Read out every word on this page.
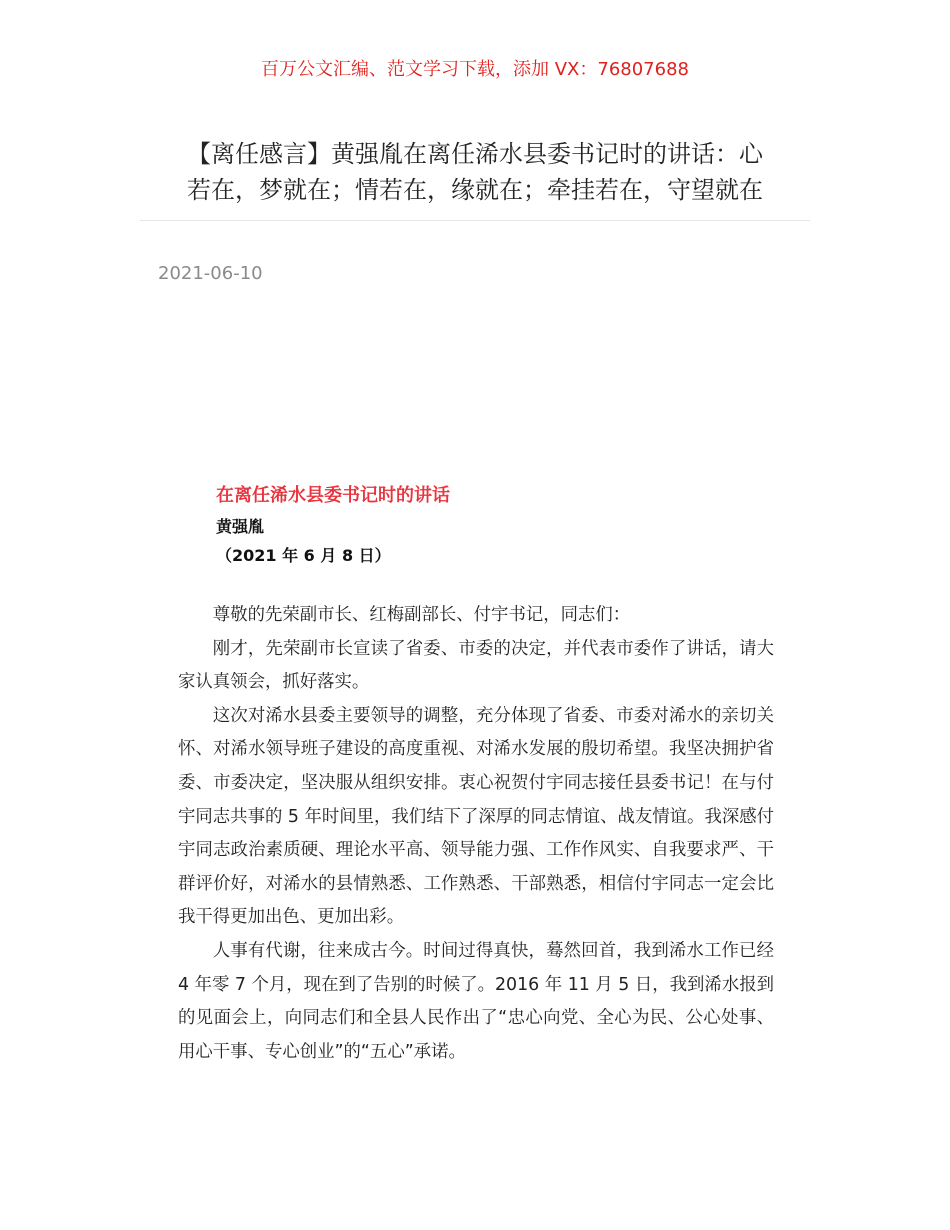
百万公文汇编、范文学习下载，添加 VX：76807688
【离任感言】黄强胤在离任浠水县委书记时的讲话：心
若在，梦就在；情若在，缘就在；牵挂若在，守望就在
2021-06-10
在离任浠水县委书记时的讲话
黄强胤
（2021 年 6 月 8 日）

尊敬的先荣副市长、红梅副部长、付宇书记，同志们：

刚才，先荣副市长宣读了省委、市委的决定，并代表市委作了讲话，请大家认真领会，抓好落实。

这次对浠水县委主要领导的调整，充分体现了省委、市委对浠水的亲切关怀、对浠水领导班子建设的高度重视、对浠水发展的殷切希望。我坚决拥护省委、市委决定，坚决服从组织安排。衷心祝贺付宇同志接任县委书记！在与付宇同志共事的 5 年时间里，我们结下了深厚的同志情谊、战友情谊。我深感付宇同志政治素质硬、理论水平高、领导能力强、工作作风实、自我要求严、干群评价好，对浠水的县情熟悉、工作熟悉、干部熟悉，相信付宇同志一定会比我干得更加出色、更加出彩。

人事有代谢，往来成古今。时间过得真快，蓦然回首，我到浠水工作已经 4 年零 7 个月，现在到了告别的时候了。2016 年 11 月 5 日，我到浠水报到的见面会上，向同志们和全县人民作出了“忠心向党、全心为民、公心处事、用心干事、专心创业”的“五心”承诺。
